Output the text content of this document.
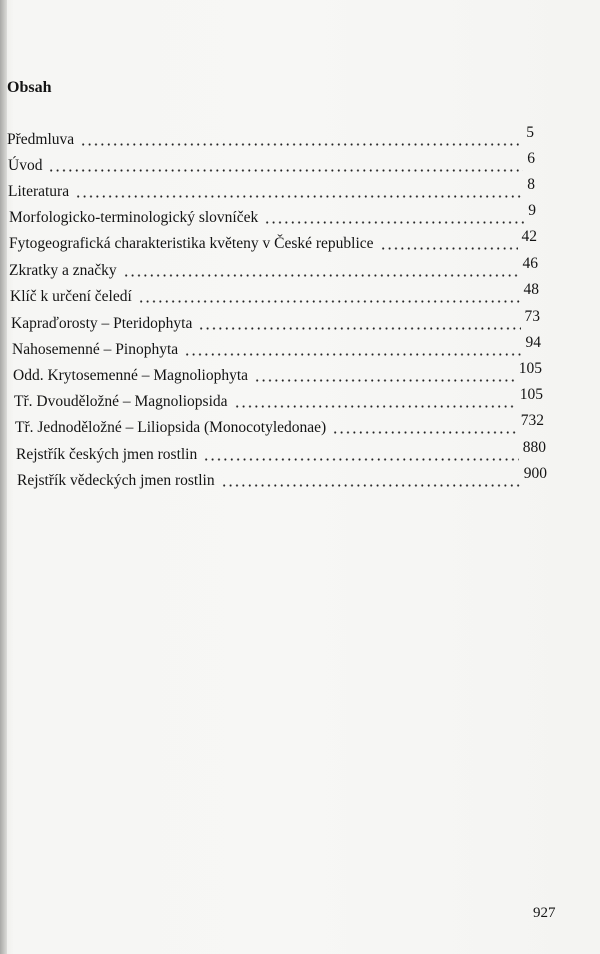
Obsah
Předmluva	5
Úvod	6
Literatura	8
Morfologicko-terminologický slovníček	9
Fytogeografická charakteristika květeny v České republice	42
Zkratky a značky	46
Klíč k určení čeledí	48
Kapraďorosty – Pteridophyta	73
Nahosemenné – Pinophyta	94
Odd. Krytosemenné – Magnoliophyta	105
Tř. Dvouděložné – Magnoliopsida	105
Tř. Jednoděložné – Liliopsida (Monocotyledonae)	732
Rejstřík českých jmen rostlin	880
Rejstřík vědeckých jmen rostlin	900
927
